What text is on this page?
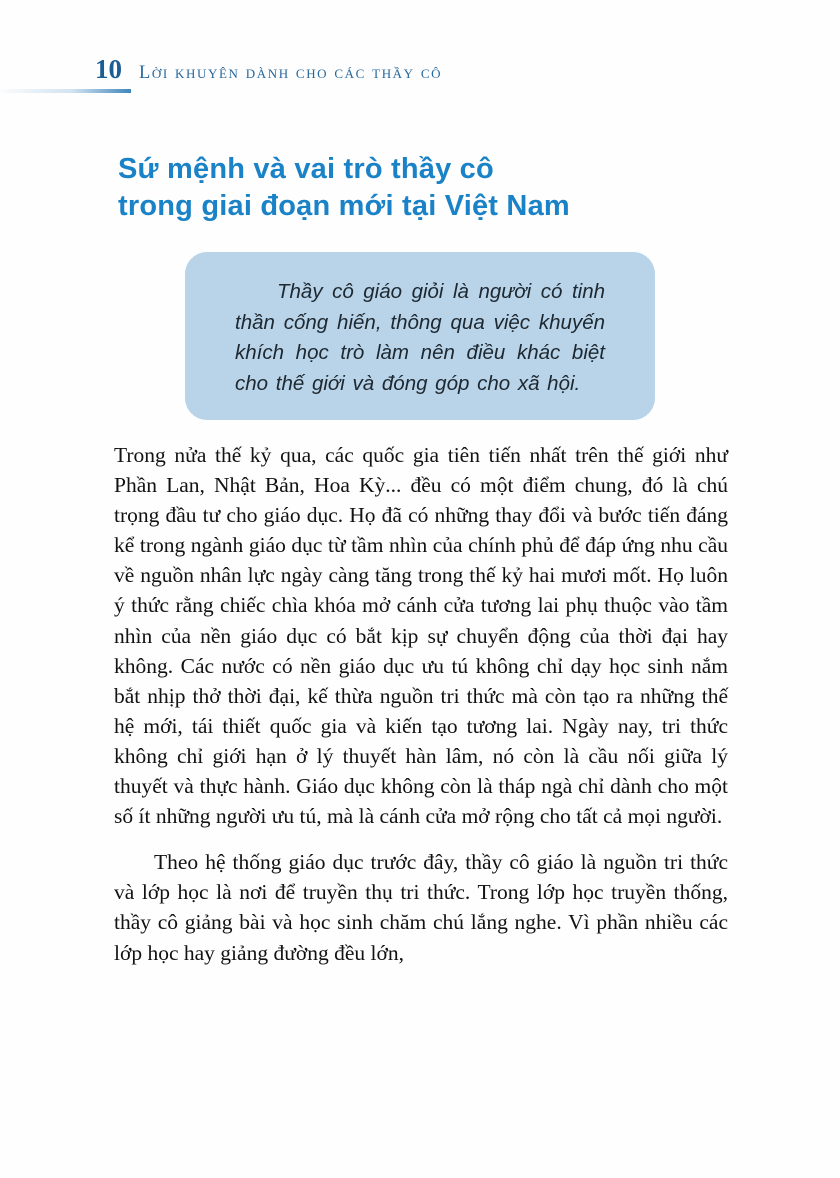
10 Lời khuyên dành cho các thầy cô
Sứ mệnh và vai trò thầy cô
trong giai đoạn mới tại Việt Nam

Thầy cô giáo giỏi là người có tinh thần cống hiến, thông qua việc khuyến khích học trò làm nên điều khác biệt cho thế giới và đóng góp cho xã hội.

Trong nửa thế kỷ qua, các quốc gia tiên tiến nhất trên thế giới như Phần Lan, Nhật Bản, Hoa Kỳ... đều có một điểm chung, đó là chú trọng đầu tư cho giáo dục. Họ đã có những thay đổi và bước tiến đáng kể trong ngành giáo dục từ tầm nhìn của chính phủ để đáp ứng nhu cầu về nguồn nhân lực ngày càng tăng trong thế kỷ hai mươi mốt. Họ luôn ý thức rằng chiếc chìa khóa mở cánh cửa tương lai phụ thuộc vào tầm nhìn của nền giáo dục có bắt kịp sự chuyển động của thời đại hay không. Các nước có nền giáo dục ưu tú không chỉ dạy học sinh nắm bắt nhịp thở thời đại, kế thừa nguồn tri thức mà còn tạo ra những thế hệ mới, tái thiết quốc gia và kiến tạo tương lai. Ngày nay, tri thức không chỉ giới hạn ở lý thuyết hàn lâm, nó còn là cầu nối giữa lý thuyết và thực hành. Giáo dục không còn là tháp ngà chỉ dành cho một số ít những người ưu tú, mà là cánh cửa mở rộng cho tất cả mọi người.

Theo hệ thống giáo dục trước đây, thầy cô giáo là nguồn tri thức và lớp học là nơi để truyền thụ tri thức. Trong lớp học truyền thống, thầy cô giảng bài và học sinh chăm chú lắng nghe. Vì phần nhiều các lớp học hay giảng đường đều lớn,
